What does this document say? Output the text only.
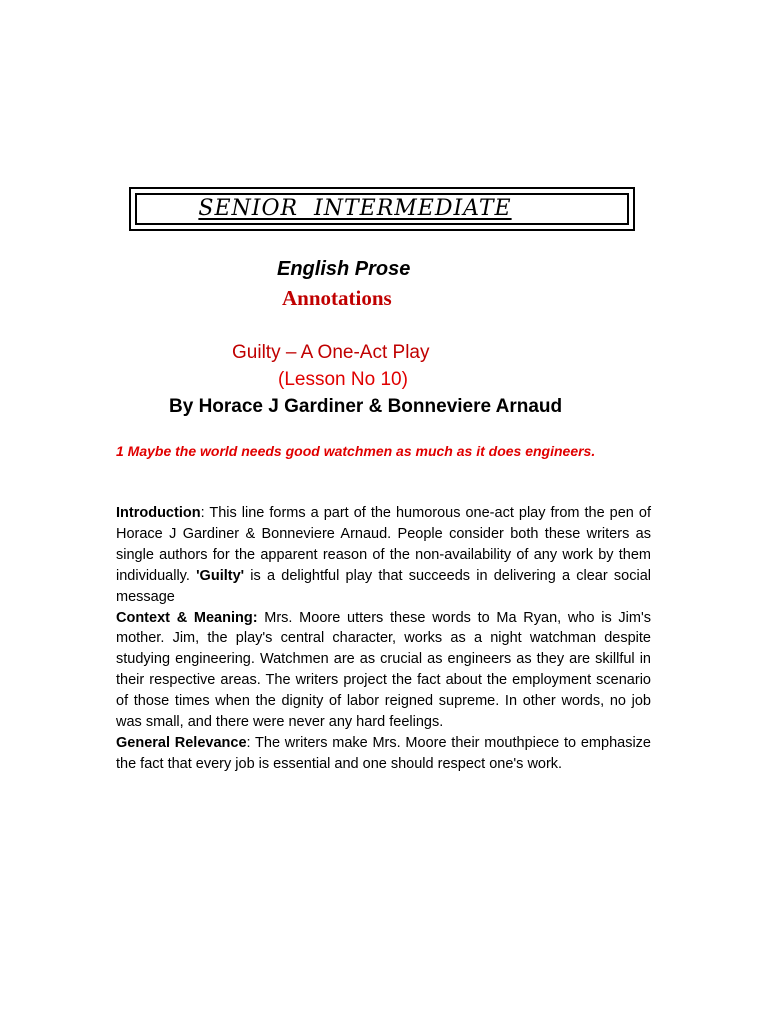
SENIOR  INTERMEDIATE
English Prose
Annotations
Guilty – A One-Act Play
(Lesson No 10)
By Horace J Gardiner & Bonneviere Arnaud

1 Maybe the world needs good watchmen as much as it does engineers.

Introduction: This line forms a part of the humorous one-act play from the pen of Horace J Gardiner & Bonneviere Arnaud. People consider both these writers as single authors for the apparent reason of the non-availability of any work by them individually. 'Guilty' is a delightful play that succeeds in delivering a clear social message

Context & Meaning: Mrs. Moore utters these words to Ma Ryan, who is Jim's mother. Jim, the play's central character, works as a night watchman despite studying engineering. Watchmen are as crucial as engineers as they are skillful in their respective areas. The writers project the fact about the employment scenario of those times when the dignity of labor reigned supreme. In other words, no job was small, and there were never any hard feelings.

General Relevance: The writers make Mrs. Moore their mouthpiece to emphasize the fact that every job is essential and one should respect one's work.
